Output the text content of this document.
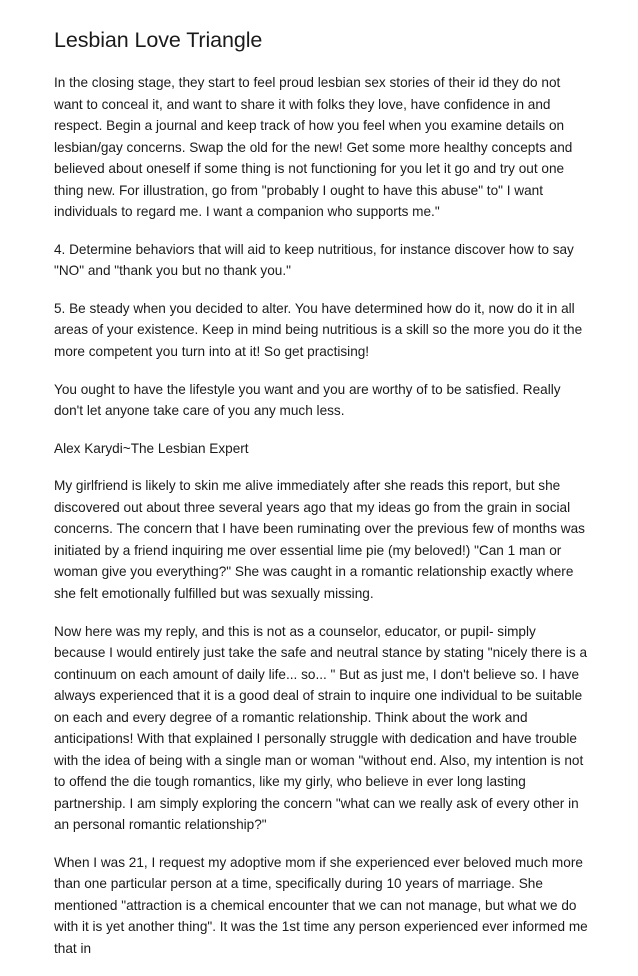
Lesbian Love Triangle

In the closing stage, they start to feel proud lesbian sex stories of their id they do not want to conceal it, and want to share it with folks they love, have confidence in and respect. Begin a journal and keep track of how you feel when you examine details on lesbian/gay concerns. Swap the old for the new! Get some more healthy concepts and believed about oneself if some thing is not functioning for you let it go and try out one thing new. For illustration, go from "probably I ought to have this abuse" to" I want individuals to regard me. I want a companion who supports me."

4. Determine behaviors that will aid to keep nutritious, for instance discover how to say "NO" and "thank you but no thank you."

5. Be steady when you decided to alter. You have determined how do it, now do it in all areas of your existence. Keep in mind being nutritious is a skill so the more you do it the more competent you turn into at it! So get practising!

You ought to have the lifestyle you want and you are worthy of to be satisfied. Really don't let anyone take care of you any much less.

Alex Karydi~The Lesbian Expert

My girlfriend is likely to skin me alive immediately after she reads this report, but she discovered out about three several years ago that my ideas go from the grain in social concerns. The concern that I have been ruminating over the previous few of months was initiated by a friend inquiring me over essential lime pie (my beloved!) "Can 1 man or woman give you everything?" She was caught in a romantic relationship exactly where she felt emotionally fulfilled but was sexually missing.

Now here was my reply, and this is not as a counselor, educator, or pupil- simply because I would entirely just take the safe and neutral stance by stating "nicely there is a continuum on each amount of daily life... so... " But as just me, I don't believe so. I have always experienced that it is a good deal of strain to inquire one individual to be suitable on each and every degree of a romantic relationship. Think about the work and anticipations! With that explained I personally struggle with dedication and have trouble with the idea of being with a single man or woman "without end. Also, my intention is not to offend the die tough romantics, like my girly, who believe in ever long lasting partnership. I am simply exploring the concern "what can we really ask of every other in an personal romantic relationship?"

When I was 21, I request my adoptive mom if she experienced ever beloved much more than one particular person at a time, specifically during 10 years of marriage. She mentioned "attraction is a chemical encounter that we can not manage, but what we do with it is yet another thing". It was the 1st time any person experienced ever informed me that in
